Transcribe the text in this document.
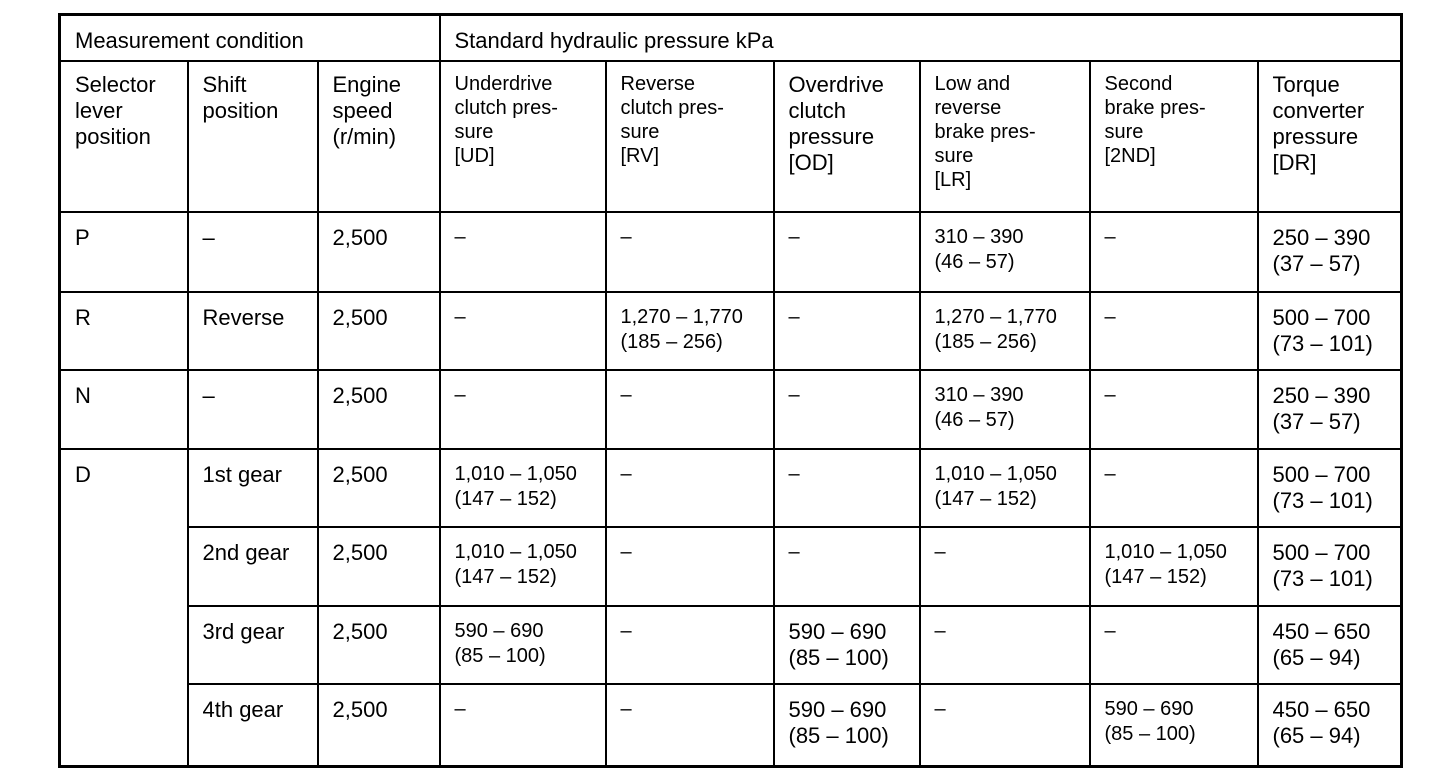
Measurement condition			Standard hydraulic pressure kPa					

Selector
lever
position	Shift
position	Engine
speed
(r/min)	Underdrive
clutch pres-
sure
[UD]	Reverse
clutch pres-
sure
[RV]	Overdrive
clutch
pressure
[OD]	Low and
reverse
brake pres-
sure
[LR]	Second
brake pres-
sure
[2ND]	Torque
converter
pressure
[DR]

P	–	2,500	–	–	–	310 – 390
(46 – 57)	–	250 – 390
(37 – 57)

R	Reverse	2,500	–	1,270 – 1,770
(185 – 256)	–	1,270 – 1,770
(185 – 256)	–	500 – 700
(73 – 101)

N	–	2,500	–	–	–	310 – 390
(46 – 57)	–	250 – 390
(37 – 57)

D	1st gear	2,500	1,010 – 1,050
(147 – 152)	–	–	1,010 – 1,050
(147 – 152)	–	500 – 700
(73 – 101)

	2nd gear	2,500	1,010 – 1,050
(147 – 152)	–	–	–	1,010 – 1,050
(147 – 152)	500 – 700
(73 – 101)

	3rd gear	2,500	590 – 690
(85 – 100)	–	590 – 690
(85 – 100)	–	–	450 – 650
(65 – 94)

	4th gear	2,500	–	–	590 – 690
(85 – 100)	–	590 – 690
(85 – 100)	450 – 650
(65 – 94)
